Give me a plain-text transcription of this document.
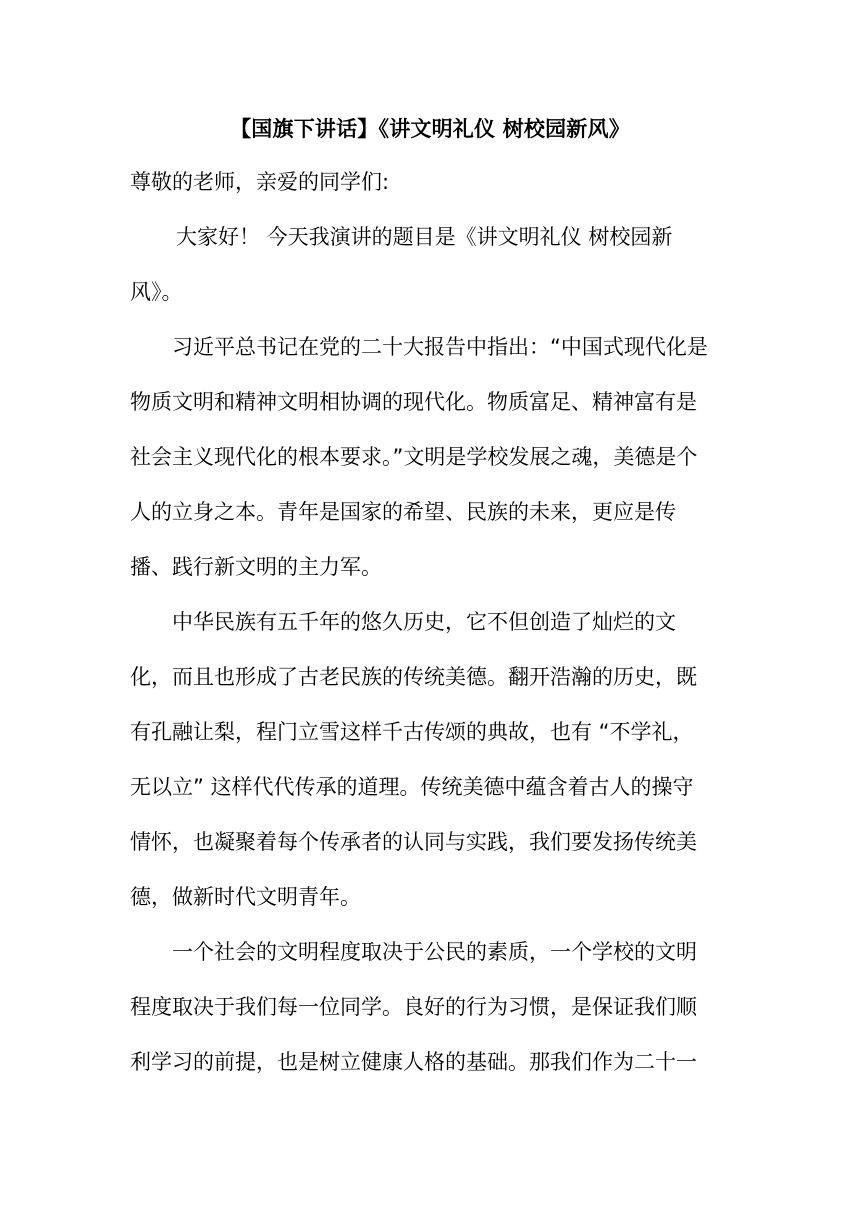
【国旗下讲话】《讲文明礼仪 树校园新风》
尊敬的老师，亲爱的同学们:
大家好！ 今天我演讲的题目是《讲文明礼仪 树校园新
风》。
习近平总书记在党的二十大报告中指出：“中国式现代化是
物质文明和精神文明相协调的现代化。物质富足、精神富有是
社会主义现代化的根本要求。”文明是学校发展之魂，美德是个
人的立身之本。青年是国家的希望、民族的未来，更应是传
播、践行新文明的主力军。
中华民族有五千年的悠久历史，它不但创造了灿烂的文
化，而且也形成了古老民族的传统美德。翻开浩瀚的历史，既
有孔融让梨，程门立雪这样千古传颂的典故，也有 “不学礼，
无以立” 这样代代传承的道理。传统美德中蕴含着古人的操守
情怀，也凝聚着每个传承者的认同与实践，我们要发扬传统美
德，做新时代文明青年。
一个社会的文明程度取决于公民的素质，一个学校的文明
程度取决于我们每一位同学。良好的行为习惯，是保证我们顺
利学习的前提，也是树立健康人格的基础。那我们作为二十一
